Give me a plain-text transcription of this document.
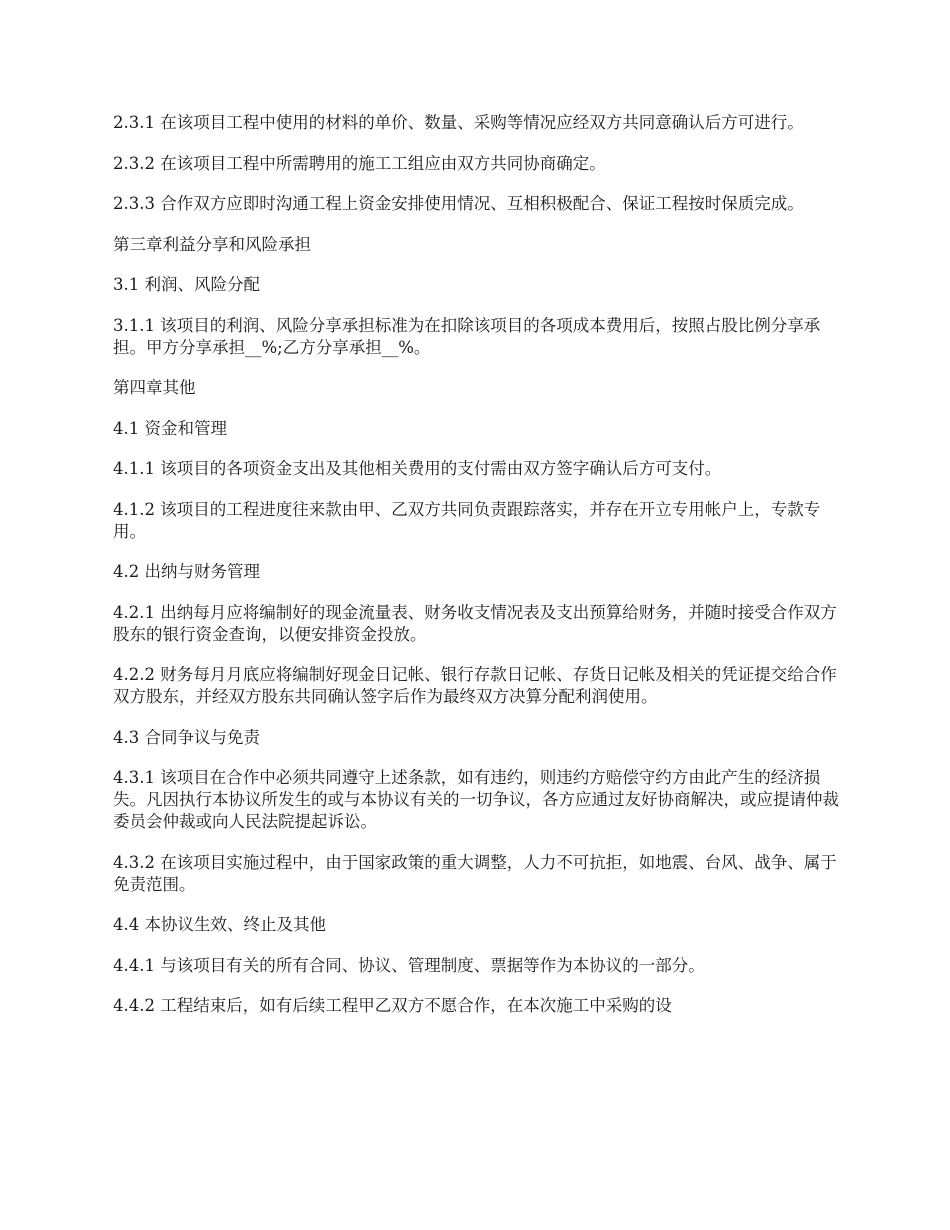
2.3.1 在该项目工程中使用的材料的单价、数量、采购等情况应经双方共同意确认后方可进行。

2.3.2 在该项目工程中所需聘用的施工工组应由双方共同协商确定。

2.3.3 合作双方应即时沟通工程上资金安排使用情况、互相积极配合、保证工程按时保质完成。

第三章利益分享和风险承担

3.1 利润、风险分配

3.1.1 该项目的利润、风险分享承担标准为在扣除该项目的各项成本费用后，按照占股比例分享承担。甲方分享承担__%;乙方分享承担__%。

第四章其他

4.1 资金和管理

4.1.1 该项目的各项资金支出及其他相关费用的支付需由双方签字确认后方可支付。

4.1.2 该项目的工程进度往来款由甲、乙双方共同负责跟踪落实，并存在开立专用帐户上，专款专用。

4.2 出纳与财务管理

4.2.1 出纳每月应将编制好的现金流量表、财务收支情况表及支出预算给财务，并随时接受合作双方股东的银行资金查询，以便安排资金投放。

4.2.2 财务每月月底应将编制好现金日记帐、银行存款日记帐、存货日记帐及相关的凭证提交给合作双方股东，并经双方股东共同确认签字后作为最终双方决算分配利润使用。

4.3 合同争议与免责

4.3.1 该项目在合作中必须共同遵守上述条款，如有违约，则违约方赔偿守约方由此产生的经济损失。凡因执行本协议所发生的或与本协议有关的一切争议，各方应通过友好协商解决，或应提请仲裁委员会仲裁或向人民法院提起诉讼。

4.3.2 在该项目实施过程中，由于国家政策的重大调整，人力不可抗拒，如地震、台风、战争、属于免责范围。

4.4 本协议生效、终止及其他

4.4.1 与该项目有关的所有合同、协议、管理制度、票据等作为本协议的一部分。

4.4.2 工程结束后，如有后续工程甲乙双方不愿合作，在本次施工中采购的设
